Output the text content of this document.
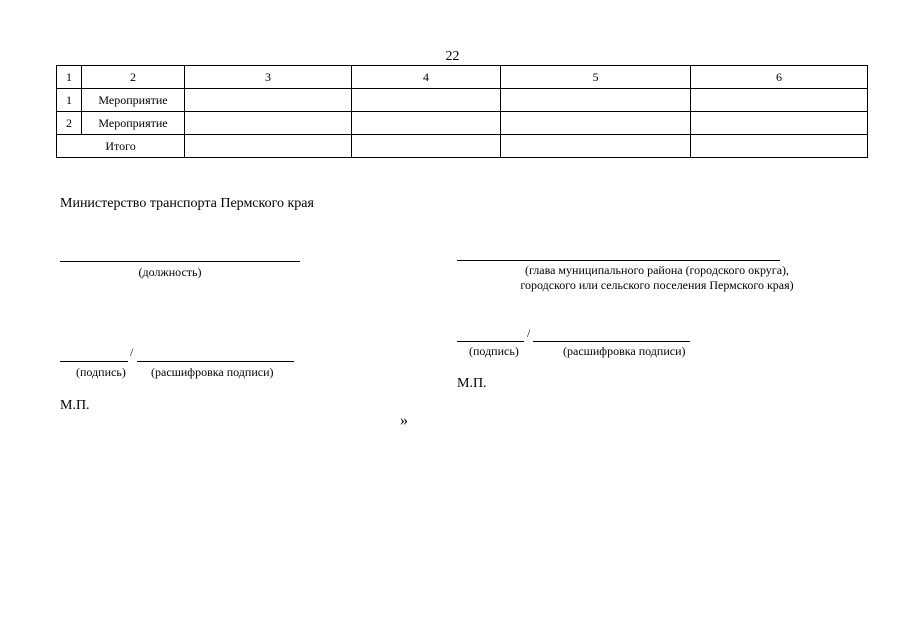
22
1	2	3	4	5	6
1	Мероприятие				
2	Мероприятие				
Итого					
Министерство транспорта Пермского края
(должность)
/
(подпись) (расшифровка подписи)
М.П.
(глава муниципального района (городского округа),
городского или сельского поселения Пермского края)
/
(подпись)	(расшифровка подписи)
М.П.
»
